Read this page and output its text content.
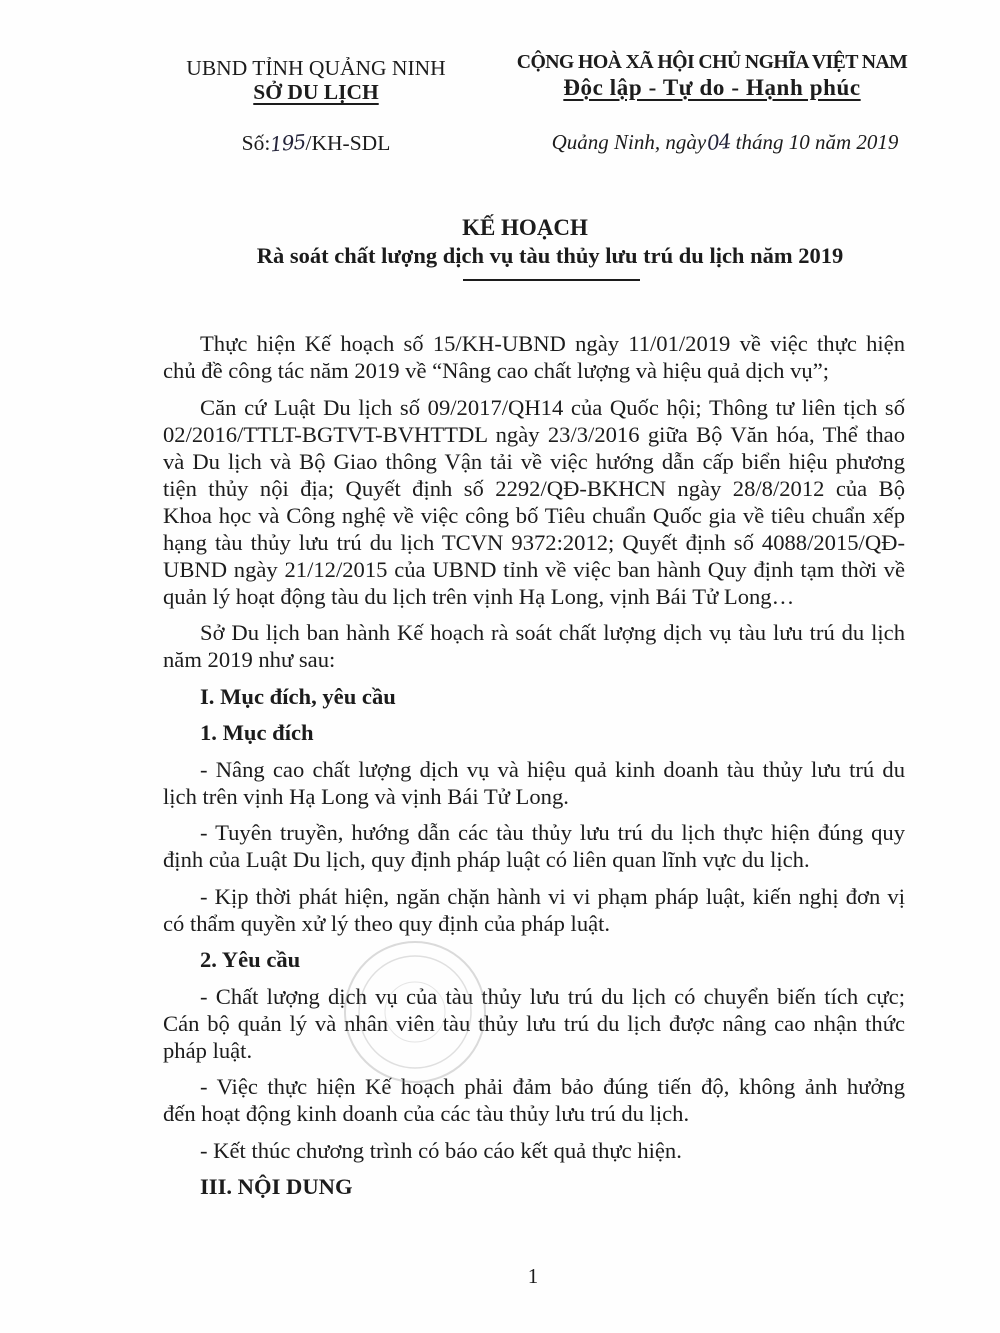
UBND TỈNH QUẢNG NINH
SỞ DU LỊCH
Số:195/KH-SDL
CỘNG HOÀ XÃ HỘI CHỦ NGHĨA VIỆT NAM
Độc lập - Tự do - Hạnh phúc
Quảng Ninh, ngày04 tháng 10 năm 2019
KẾ HOẠCH
Rà soát chất lượng dịch vụ tàu thủy lưu trú du lịch năm 2019
Thực hiện Kế hoạch số 15/KH-UBND ngày 11/01/2019 về việc thực hiện
chủ đề công tác năm 2019 về “Nâng cao chất lượng và hiệu quả dịch vụ”;
Căn cứ Luật Du lịch số 09/2017/QH14 của Quốc hội; Thông tư liên tịch số
02/2016/TTLT-BGTVT-BVHTTDL ngày 23/3/2016 giữa Bộ Văn hóa, Thể thao
và Du lịch và Bộ Giao thông Vận tải về việc hướng dẫn cấp biển hiệu phương
tiện thủy nội địa; Quyết định số 2292/QĐ-BKHCN ngày 28/8/2012 của Bộ
Khoa học và Công nghệ về việc công bố Tiêu chuẩn Quốc gia về tiêu chuẩn xếp
hạng tàu thủy lưu trú du lịch TCVN 9372:2012; Quyết định số 4088/2015/QĐ-
UBND ngày 21/12/2015 của UBND tỉnh về việc ban hành Quy định tạm thời về
quản lý hoạt động tàu du lịch trên vịnh Hạ Long, vịnh Bái Tử Long…
Sở Du lịch ban hành Kế hoạch rà soát chất lượng dịch vụ tàu lưu trú du lịch
năm 2019 như sau:
I. Mục đích, yêu cầu
1. Mục đích
- Nâng cao chất lượng dịch vụ và hiệu quả kinh doanh tàu thủy lưu trú du
lịch trên vịnh Hạ Long và vịnh Bái Tử Long.
- Tuyên truyền, hướng dẫn các tàu thủy lưu trú du lịch thực hiện đúng quy
định của Luật Du lịch, quy định pháp luật có liên quan lĩnh vực du lịch.
- Kịp thời phát hiện, ngăn chặn hành vi vi phạm pháp luật, kiến nghị đơn vị
có thẩm quyền xử lý theo quy định của pháp luật.
2. Yêu cầu
- Chất lượng dịch vụ của tàu thủy lưu trú du lịch có chuyển biến tích cực;
Cán bộ quản lý và nhân viên tàu thủy lưu trú du lịch được nâng cao nhận thức
pháp luật.
- Việc thực hiện Kế hoạch phải đảm bảo đúng tiến độ, không ảnh hưởng
đến hoạt động kinh doanh của các tàu thủy lưu trú du lịch.
- Kết thúc chương trình có báo cáo kết quả thực hiện.
III. NỘI DUNG
1
